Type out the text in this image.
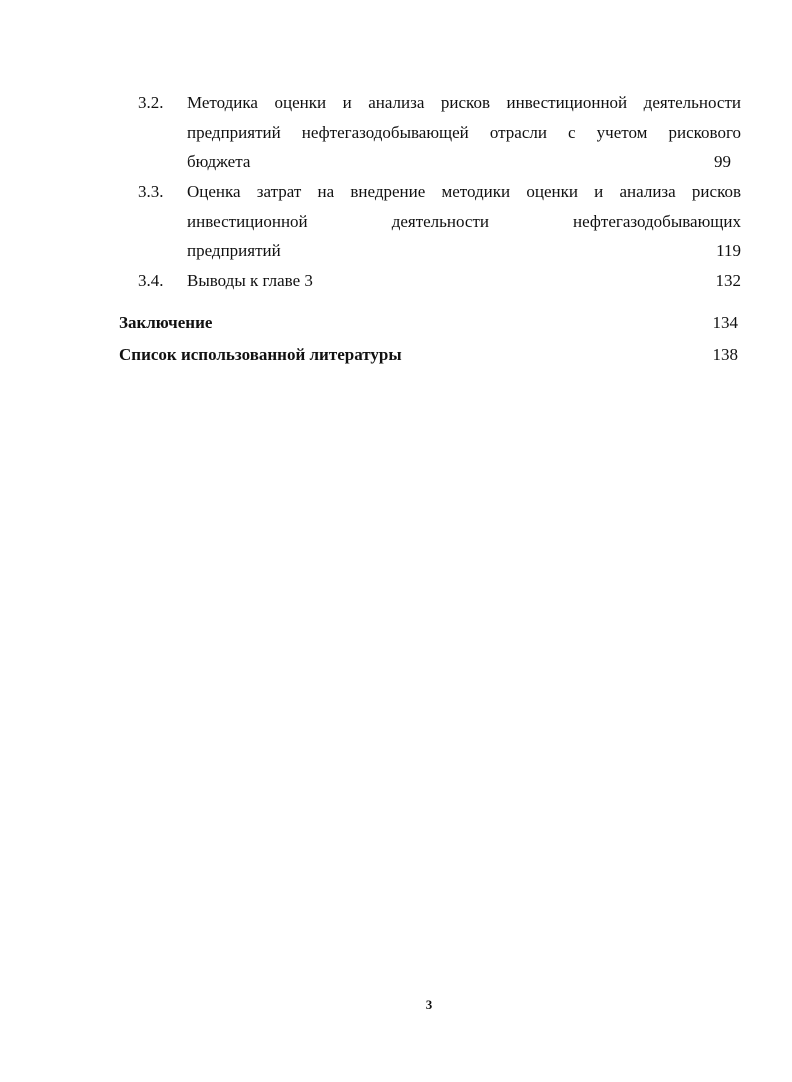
3.2.	Методика оценки и анализа рисков инвестиционной деятельности
предприятий нефтегазодобывающей отрасли с учетом рискового
бюджета	99
3.3.	Оценка затрат на внедрение методики оценки и анализа рисков
инвестиционной деятельности нефтегазодобывающих
предприятий	119
3.4.	Выводы к главе 3	132
Заключение	134
Список использованной литературы	138
3
